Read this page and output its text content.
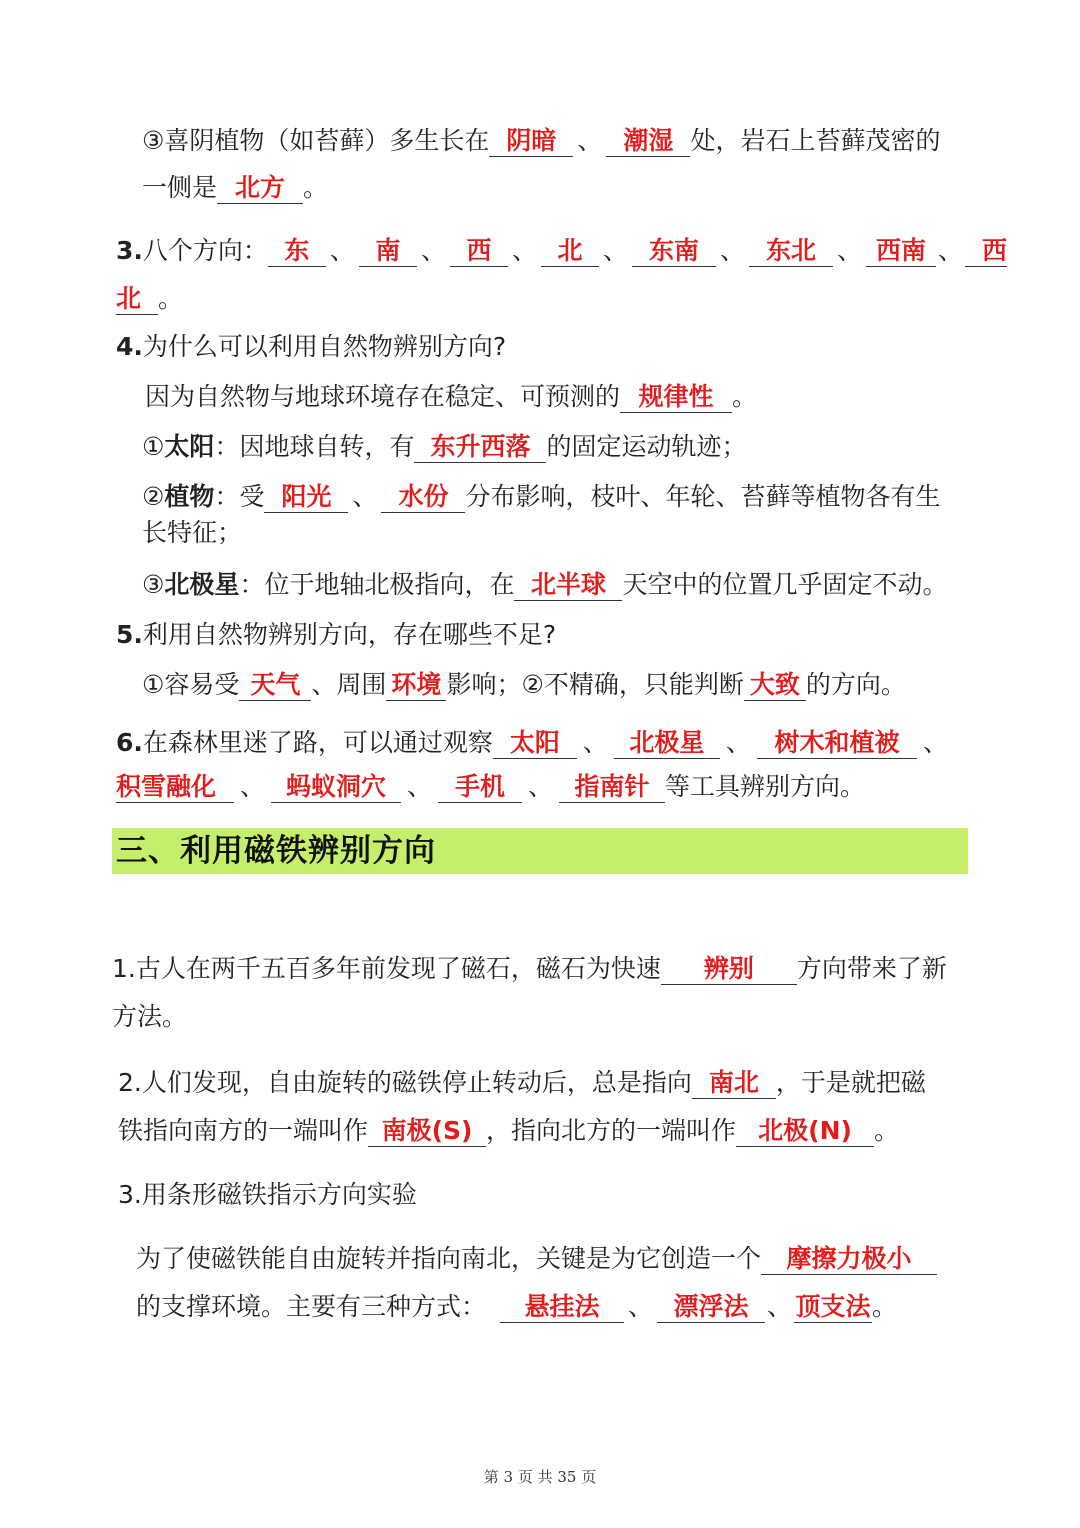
③喜阴植物（如苔藓）多生长在 阴暗 、 潮湿 处，岩石上苔藓茂密的
一侧是 北方 。
3.八个方向： 东 、 南 、 西 、 北 、 东南 、 东北 、 西南 、 西
北 。
4.为什么可以利用自然物辨别方向?
因为自然物与地球环境存在稳定、可预测的 规律性 。
①太阳：因地球自转，有 东升西落 的固定运动轨迹；
②植物：受 阳光 、 水份 分布影响，枝叶、年轮、苔藓等植物各有生
长特征；
③北极星：位于地轴北极指向，在 北半球 天空中的位置几乎固定不动。
5.利用自然物辨别方向，存在哪些不足?
①容易受 天气 、周围 环境 影响；②不精确，只能判断 大致 的方向。
6.在森林里迷了路，可以通过观察 太阳 、 北极星 、 树木和植被 、
积雪融化 、 蚂蚁洞穴 、 手机 、 指南针 等工具辨别方向。
三、利用磁铁辨别方向
1.古人在两千五百多年前发现了磁石，磁石为快速 辨别 方向带来了新
方法。
2.人们发现，自由旋转的磁铁停止转动后，总是指向 南北 ，于是就把磁
铁指向南方的一端叫作 南极(S) ，指向北方的一端叫作 北极(N) 。
3.用条形磁铁指示方向实验
为了使磁铁能自由旋转并指向南北，关键是为它创造一个 摩擦力极小
的支撑环境。主要有三种方式： 悬挂法 、 漂浮法 、 顶支法。
第 3 页 共 35 页
